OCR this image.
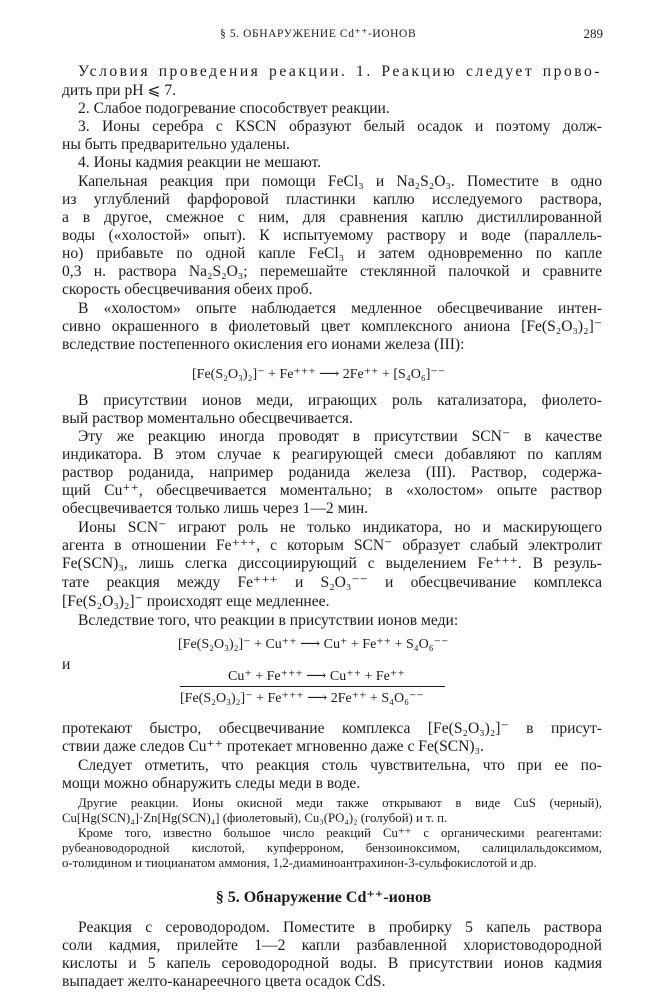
§ 5. ОБНАРУЖЕНИЕ Cd⁺⁺-ИОНОВ	289
Условия проведения реакции. 1. Реакцию следует прово-
дить при pH ⩽ 7.
2. Слабое подогревание способствует реакции.
3. Ионы серебра с KSCN образуют белый осадок и поэтому долж-
ны быть предварительно удалены.
4. Ионы кадмия реакции не мешают.
Капельная реакция при помощи FeCl₃ и Na₂S₂O₃. Поместите в одно
из углублений фарфоровой пластинки каплю исследуемого раствора,
а в другое, смежное с ним, для сравнения каплю дистиллированной
воды («холостой» опыт). К испытуемому раствору и воде (параллель-
но) прибавьте по одной капле FeCl₃ и затем одновременно по капле
0,3 н. раствора Na₂S₂O₃; перемешайте стеклянной палочкой и сравните
скорость обесцвечивания обеих проб.
В «холостом» опыте наблюдается медленное обесцвечивание интен-
сивно окрашенного в фиолетовый цвет комплексного аниона [Fe(S₂O₃)₂]⁻
вследствие постепенного окисления его ионами железа (III):
[Fe(S₂O₃)₂]⁻ + Fe⁺⁺⁺ ⟶ 2Fe⁺⁺ + [S₄O₆]⁻⁻
В присутствии ионов меди, играющих роль катализатора, фиолето-
вый раствор моментально обесцвечивается.
Эту же реакцию иногда проводят в присутствии SCN⁻ в качестве
индикатора. В этом случае к реагирующей смеси добавляют по каплям
раствор роданида, например роданида железа (III). Раствор, содержа-
щий Cu⁺⁺, обесцвечивается моментально; в «холостом» опыте раствор
обесцвечивается только лишь через 1—2 мин.
Ионы SCN⁻ играют роль не только индикатора, но и маскирующего
агента в отношении Fe⁺⁺⁺, с которым SCN⁻ образует слабый электролит
Fe(SCN)₃, лишь слегка диссоциирующий с выделением Fe⁺⁺⁺. В резуль-
тате реакция между Fe⁺⁺⁺ и S₂O₃⁻⁻ и обесцвечивание комплекса
[Fe(S₂O₃)₂]⁻ происходят еще медленнее.
Вследствие того, что реакции в присутствии ионов меди:
[Fe(S₂O₃)₂]⁻ + Cu⁺⁺ ⟶ Cu⁺ + Fe⁺⁺ + S₄O₆⁻⁻
и
Cu⁺ + Fe⁺⁺⁺ ⟶ Cu⁺⁺ + Fe⁺⁺
[Fe(S₂O₃)₂]⁻ + Fe⁺⁺⁺ ⟶ 2Fe⁺⁺ + S₄O₆⁻⁻
протекают быстро, обесцвечивание комплекса [Fe(S₂O₃)₂]⁻ в присут-
ствии даже следов Cu⁺⁺ протекает мгновенно даже с Fe(SCN)₃.
Следует отметить, что реакция столь чувствительна, что при ее по-
мощи можно обнаружить следы меди в воде.
Другие реакции. Ионы окисной меди также открывают в виде CuS (черный),
Cu[Hg(SCN)₄]·Zn[Hg(SCN)₄] (фиолетовый), Cu₃(PO₄)₂ (голубой) и т. п.
Кроме того, известно большое число реакций Cu⁺⁺ с органическими реагентами:
рубеановодородной кислотой, купферроном, бензоиноксимом, салицилальдоксимом,
о-толидином и тиоцианатом аммония, 1,2-диаминоантрахинон-3-сульфокислотой и др.
§ 5. Обнаружение Cd⁺⁺-ионов
Реакция с сероводородом. Поместите в пробирку 5 капель раствора
соли кадмия, прилейте 1—2 капли разбавленной хлористоводородной
кислоты и 5 капель сероводородной воды. В присутствии ионов кадмия
выпадает желто-канареечного цвета осадок CdS.
